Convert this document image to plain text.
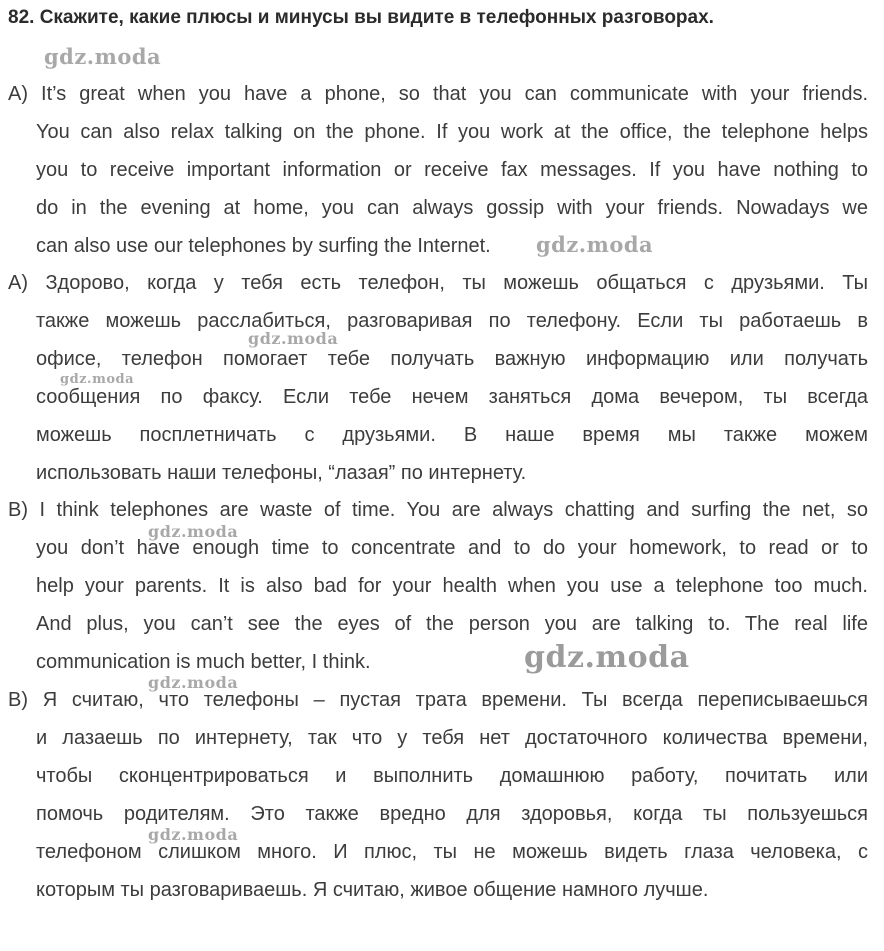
82. Скажите, какие плюсы и минусы вы видите в телефонных разговорах.
A) It’s great when you have a phone, so that you can communicate with your friends.
You can also relax talking on the phone. If you work at the office, the telephone helps
you to receive important information or receive fax messages. If you have nothing to
do in the evening at home, you can always gossip with your friends. Nowadays we
can also use our telephones by surfing the Internet.
A) Здорово, когда у тебя есть телефон, ты можешь общаться с друзьями. Ты
также можешь расслабиться, разговаривая по телефону. Если ты работаешь в
офисе, телефон помогает тебе получать важную информацию или получать
сообщения по факсу. Если тебе нечем заняться дома вечером, ты всегда
можешь посплетничать с друзьями. В наше время мы также можем
использовать наши телефоны, “лазая” по интернету.
B) I think telephones are waste of time. You are always chatting and surfing the net, so
you don’t have enough time to concentrate and to do your homework, to read or to
help your parents. It is also bad for your health when you use a telephone too much.
And plus, you can’t see the eyes of the person you are talking to. The real life
communication is much better, I think.
В) Я считаю, что телефоны – пустая трата времени. Ты всегда переписываешься
и лазаешь по интернету, так что у тебя нет достаточного количества времени,
чтобы сконцентрироваться и выполнить домашнюю работу, почитать или
помочь родителям. Это также вредно для здоровья, когда ты пользуешься
телефоном слишком много. И плюс, ты не можешь видеть глаза человека, с
которым ты разговариваешь. Я считаю, живое общение намного лучше.
gdz.moda
gdz.moda
gdz.moda
gdz.moda
gdz.moda
gdz.moda
gdz.moda
gdz.moda
